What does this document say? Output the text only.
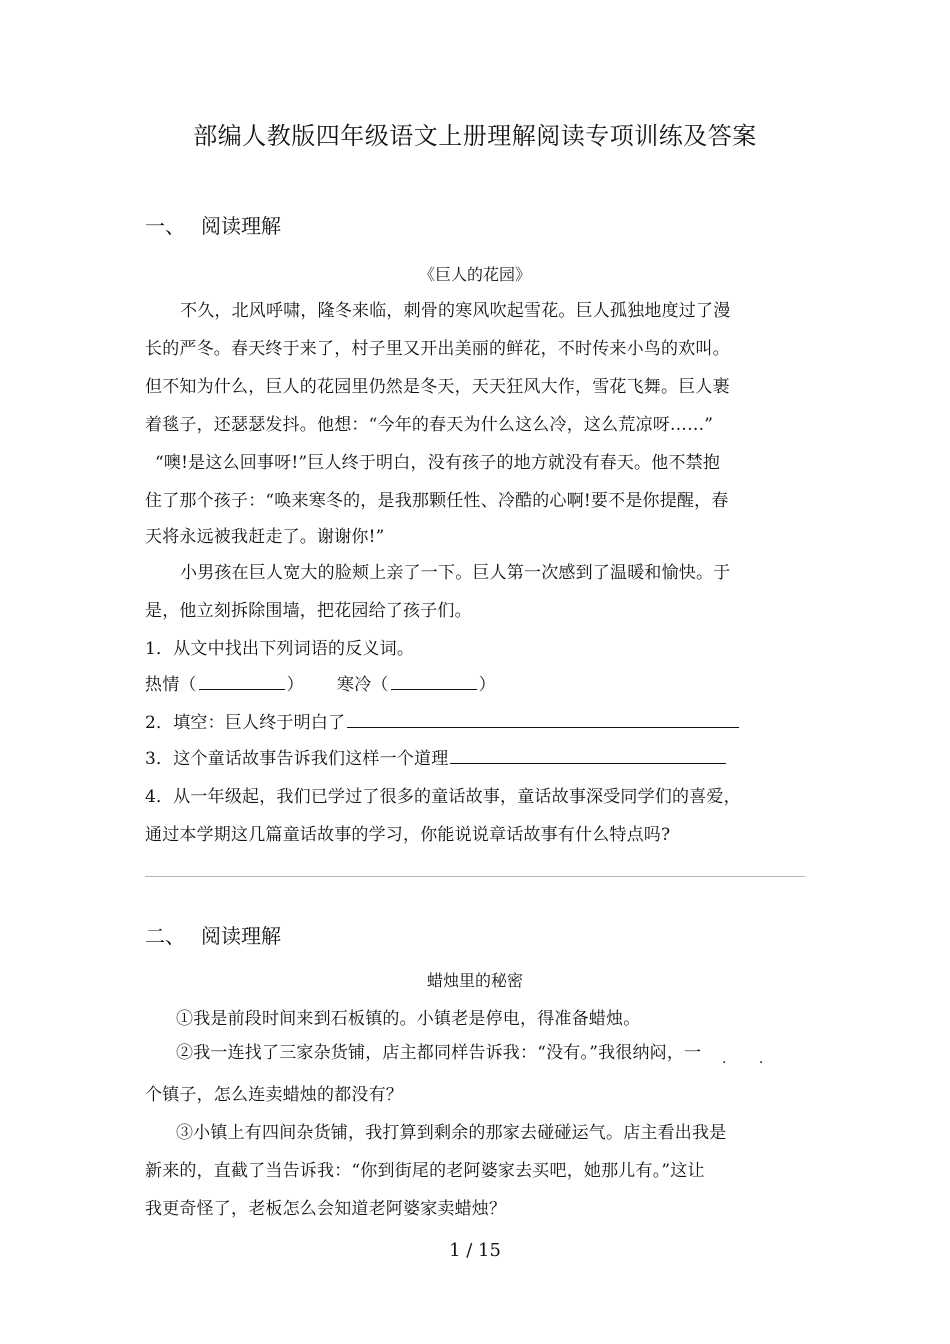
部编人教版四年级语文上册理解阅读专项训练及答案
一、 阅读理解
《巨人的花园》
不久，北风呼啸，隆冬来临，刺骨的寒风吹起雪花。巨人孤独地度过了漫
长的严冬。春天终于来了，村子里又开出美丽的鲜花，不时传来小鸟的欢叫。
但不知为什么，巨人的花园里仍然是冬天，天天狂风大作，雪花飞舞。巨人裹
着毯子，还瑟瑟发抖。他想：“今年的春天为什么这么冷，这么荒凉呀……”
“噢!是这么回事呀!”巨人终于明白，没有孩子的地方就没有春天。他不禁抱
住了那个孩子：“唤来寒冬的，是我那颗任性、冷酷的心啊!要不是你提醒，春
天将永远被我赶走了。谢谢你!”
小男孩在巨人宽大的脸颊上亲了一下。巨人第一次感到了温暖和愉快。于
是，他立刻拆除围墙，把花园给了孩子们。
1．从文中找出下列词语的反义词。
热情（	） 寒冷（	）
2．填空：巨人终于明白了
3．这个童话故事告诉我们这样一个道理
4．从一年级起，我们已学过了很多的童话故事，童话故事深受同学们的喜爱，
通过本学期这几篇童话故事的学习，你能说说章话故事有什么特点吗?
二、 阅读理解
蜡烛里的秘密
①我是前段时间来到石板镇的。小镇老是停电，得准备蜡烛。
②我一连找了三家杂货铺，店主都同样告诉我：“没有。”我很纳闷，一	· ·
个镇子，怎么连卖蜡烛的都没有？
③小镇上有四间杂货铺，我打算到剩余的那家去碰碰运气。店主看出我是
新来的，直截了当告诉我：“你到街尾的老阿婆家去买吧，她那儿有。”这让
我更奇怪了，老板怎么会知道老阿婆家卖蜡烛？
1 / 15
